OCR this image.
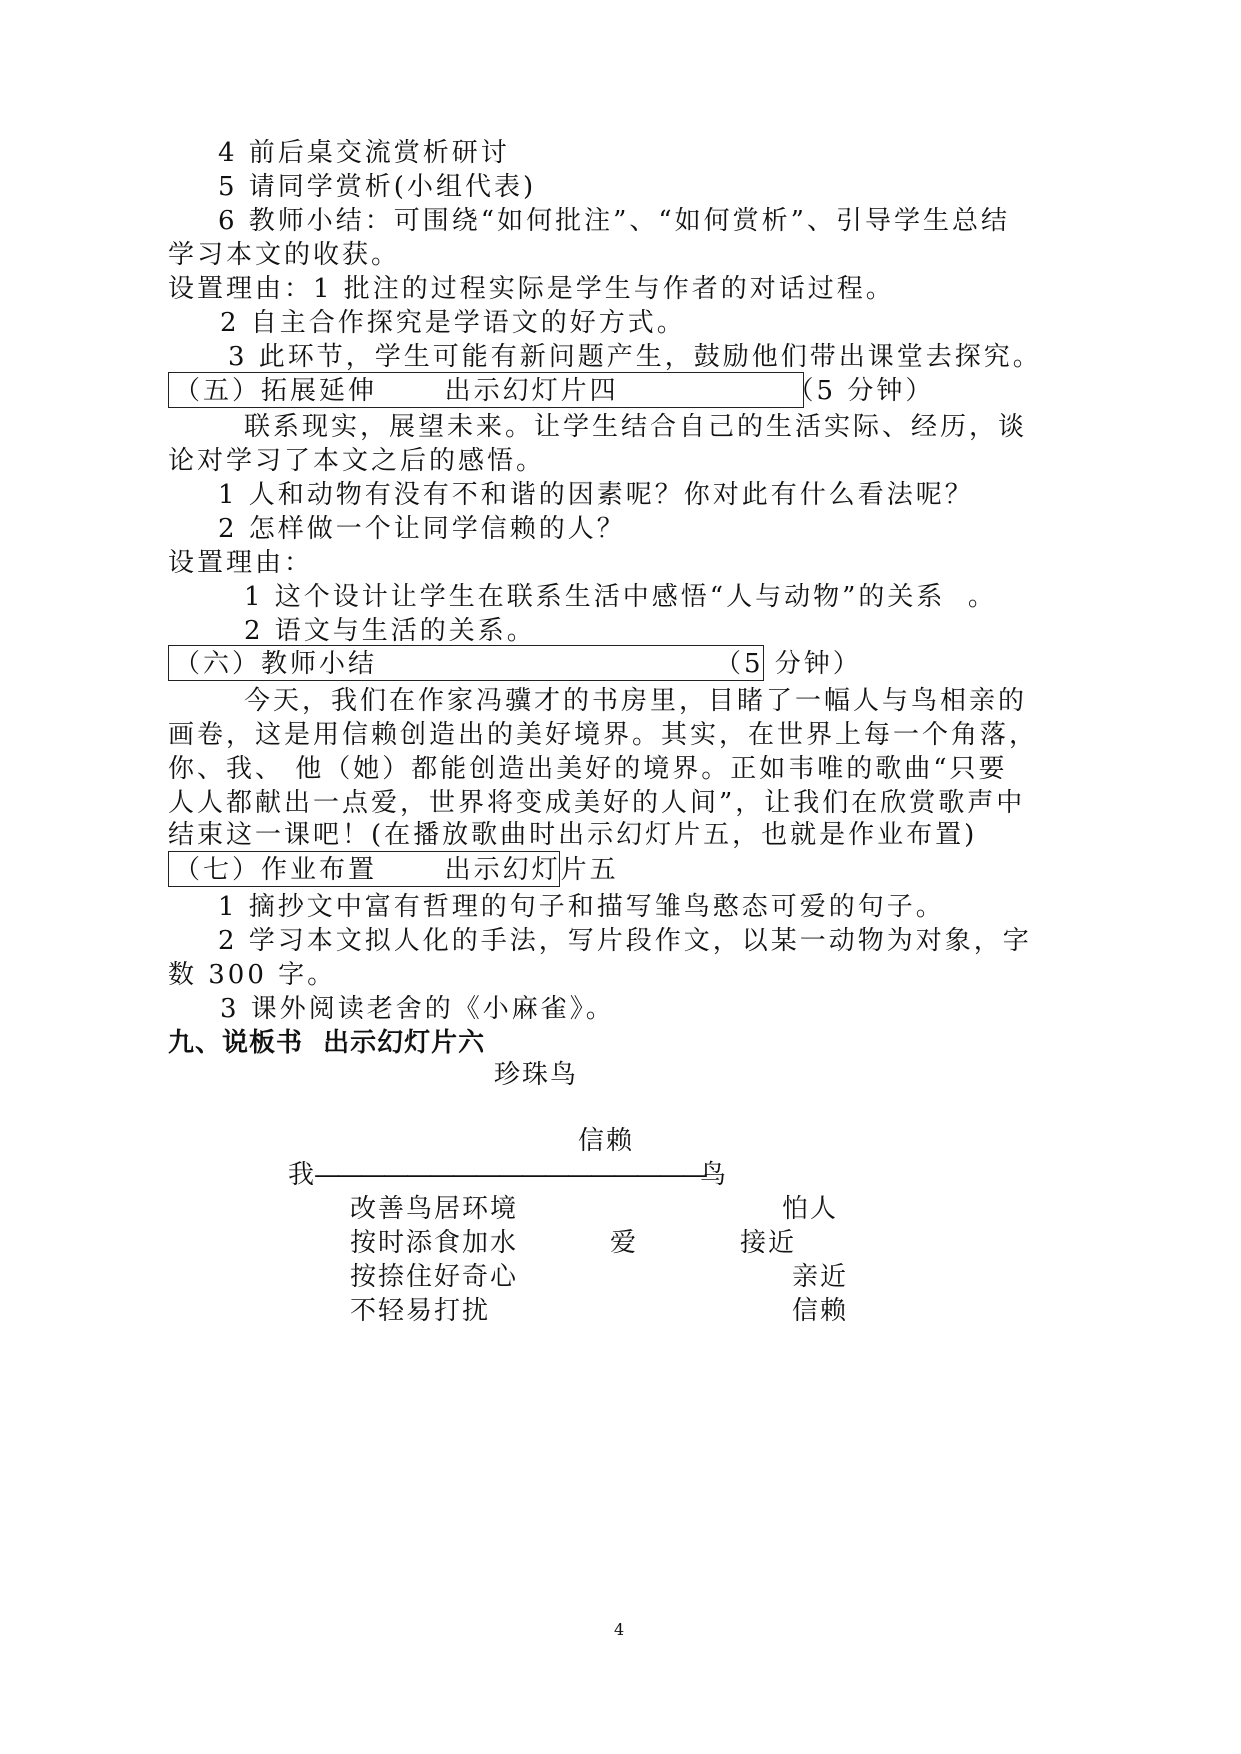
4 前后桌交流赏析研讨
5 请同学赏析(小组代表)
6 教师小结：可围绕“如何批注”、“如何赏析”、引导学生总结
学习本文的收获。
设置理由：1 批注的过程实际是学生与作者的对话过程。
2 自主合作探究是学语文的好方式。
3 此环节，学生可能有新问题产生，鼓励他们带出课堂去探究。
（五）拓展延伸      出示幻灯片四               （5 分钟）
联系现实，展望未来。让学生结合自己的生活实际、经历，谈
论对学习了本文之后的感悟。
1 人和动物有没有不和谐的因素呢？你对此有什么看法呢？
2 怎样做一个让同学信赖的人？
设置理由：
1 这个设计让学生在联系生活中感悟“人与动物”的关系  。
2 语文与生活的关系。
（六）教师小结                              （5 分钟）
今天，我们在作家冯骥才的书房里，目睹了一幅人与鸟相亲的
画卷，这是用信赖创造出的美好境界。其实，在世界上每一个角落，
你、我、 他（她）都能创造出美好的境界。正如韦唯的歌曲“只要
人人都献出一点爱，世界将变成美好的人间”，让我们在欣赏歌声中
结束这一课吧！(在播放歌曲时出示幻灯片五，也就是作业布置)
（七）作业布置      出示幻灯片五
1 摘抄文中富有哲理的句子和描写雏鸟憨态可爱的句子。
2 学习本文拟人化的手法，写片段作文，以某一动物为对象，字
数 300 字。
3 课外阅读老舍的《小麻雀》。
九、说板书  出示幻灯片六
珍珠鸟
信赖
我 —————————————————
鸟
改善鸟居环境
按时添食加水
按捺住好奇心
不轻易打扰
爱
怕人
接近
亲近
信赖
4
